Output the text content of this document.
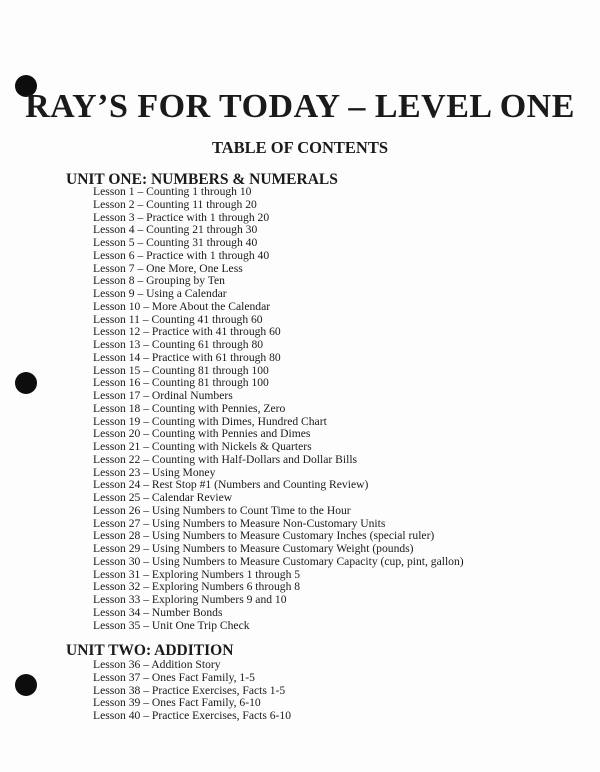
RAY’S FOR TODAY – LEVEL ONE
TABLE OF CONTENTS
UNIT ONE: NUMBERS & NUMERALS
Lesson 1 – Counting 1 through 10
Lesson 2 – Counting 11 through 20
Lesson 3 – Practice with 1 through 20
Lesson 4 – Counting 21 through 30
Lesson 5 – Counting 31 through 40
Lesson 6 – Practice with 1 through 40
Lesson 7 – One More, One Less
Lesson 8 – Grouping by Ten
Lesson 9 – Using a Calendar
Lesson 10 – More About the Calendar
Lesson 11 – Counting 41 through 60
Lesson 12 – Practice with 41 through 60
Lesson 13 – Counting 61 through 80
Lesson 14 – Practice with 61 through 80
Lesson 15 – Counting 81 through 100
Lesson 16 – Counting 81 through 100
Lesson 17 – Ordinal Numbers
Lesson 18 – Counting with Pennies, Zero
Lesson 19 – Counting with Dimes, Hundred Chart
Lesson 20 – Counting with Pennies and Dimes
Lesson 21 – Counting with Nickels & Quarters
Lesson 22 – Counting with Half-Dollars and Dollar Bills
Lesson 23 – Using Money
Lesson 24 – Rest Stop #1 (Numbers and Counting Review)
Lesson 25 – Calendar Review
Lesson 26 – Using Numbers to Count Time to the Hour
Lesson 27 – Using Numbers to Measure Non-Customary Units
Lesson 28 – Using Numbers to Measure Customary Inches (special ruler)
Lesson 29 – Using Numbers to Measure Customary Weight (pounds)
Lesson 30 – Using Numbers to Measure Customary Capacity (cup, pint, gallon)
Lesson 31 – Exploring Numbers 1 through 5
Lesson 32 – Exploring Numbers 6 through 8
Lesson 33 – Exploring Numbers 9 and 10
Lesson 34 – Number Bonds
Lesson 35 – Unit One Trip Check
UNIT TWO: ADDITION
Lesson 36 – Addition Story
Lesson 37 – Ones Fact Family, 1-5
Lesson 38 – Practice Exercises, Facts 1-5
Lesson 39 – Ones Fact Family, 6-10
Lesson 40 – Practice Exercises, Facts 6-10
